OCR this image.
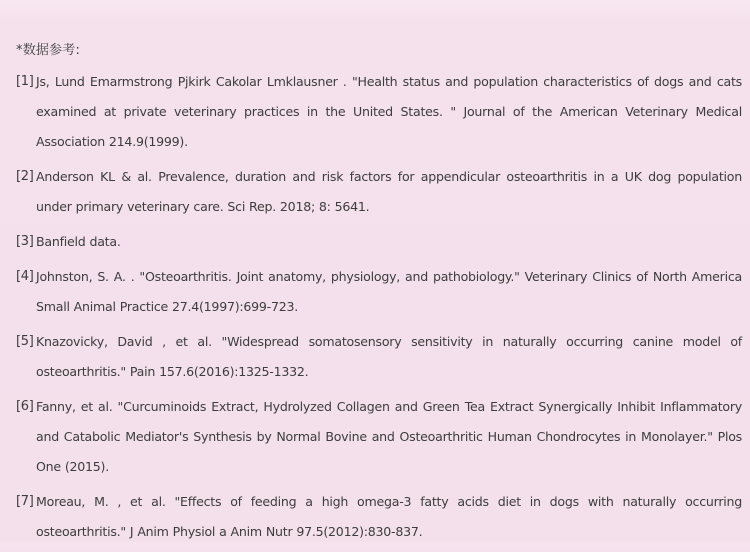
*数据参考:
[1] Js, Lund Emarmstrong Pjkirk Cakolar Lmklausner . "Health status and population characteristics of dogs and cats examined at private veterinary practices in the United States. " Journal of the American Veterinary Medical Association 214.9(1999).
[2] Anderson KL & al. Prevalence, duration and risk factors for appendicular osteoarthritis in a UK dog population under primary veterinary care. Sci Rep. 2018; 8: 5641.
[3] Banfield data.
[4] Johnston, S. A. . "Osteoarthritis. Joint anatomy, physiology, and pathobiology." Veterinary Clinics of North America Small Animal Practice 27.4(1997):699-723.
[5] Knazovicky, David , et al. "Widespread somatosensory sensitivity in naturally occurring canine model of osteoarthritis." Pain 157.6(2016):1325-1332.
[6] Fanny, et al. "Curcuminoids Extract, Hydrolyzed Collagen and Green Tea Extract Synergically Inhibit Inflammatory and Catabolic Mediator's Synthesis by Normal Bovine and Osteoarthritic Human Chondrocytes in Monolayer." Plos One (2015).
[7] Moreau, M. , et al. "Effects of feeding a high omega-3 fatty acids diet in dogs with naturally occurring osteoarthritis." J Anim Physiol a Anim Nutr 97.5(2012):830-837.
